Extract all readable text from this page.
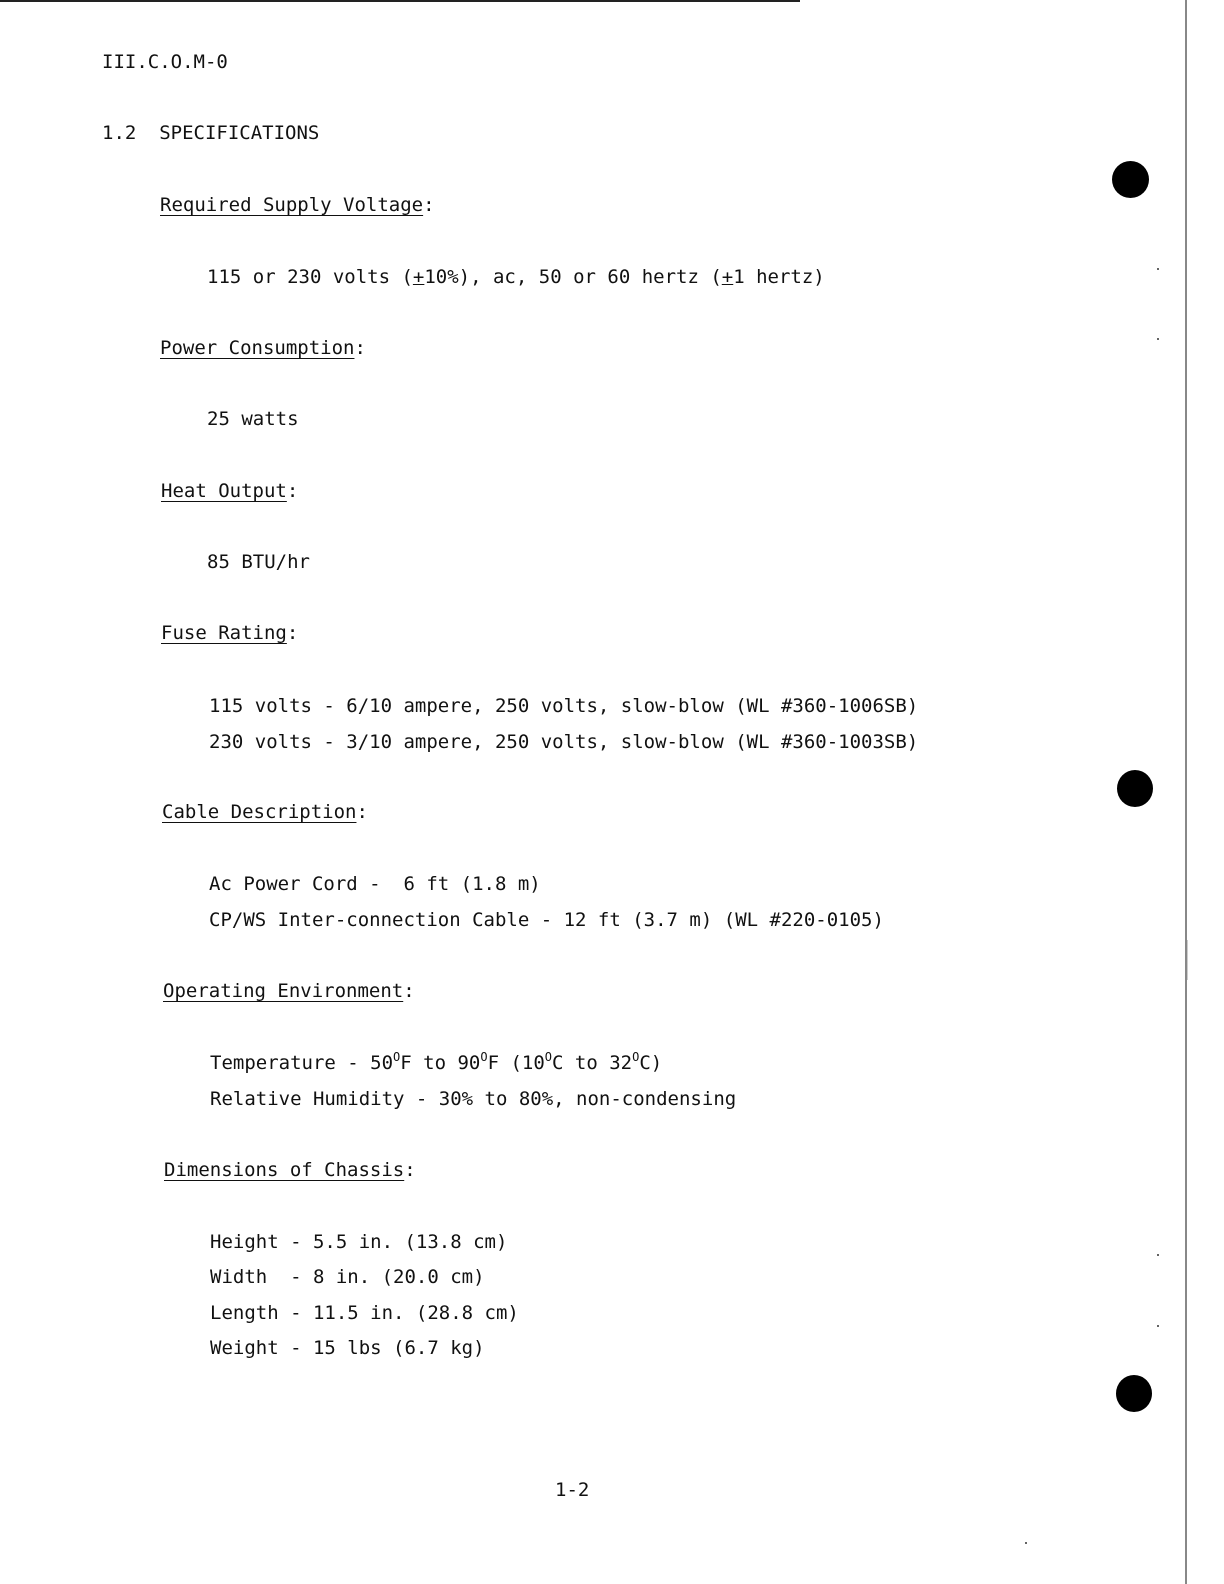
III.C.O.M-0
1.2 SPECIFICATIONS
Required Supply Voltage:
115 or 230 volts (+10%), ac, 50 or 60 hertz (+1 hertz)
Power Consumption:
25 watts
Heat Output:
85 BTU/hr
Fuse Rating:
115 volts - 6/10 ampere, 250 volts, slow-blow (WL #360-1006SB)
230 volts - 3/10 ampere, 250 volts, slow-blow (WL #360-1003SB)
Cable Description:
Ac Power Cord -  6 ft (1.8 m)
CP/WS Inter-connection Cable - 12 ft (3.7 m) (WL #220-0105)
Operating Environment:
Temperature - $50^OF$ to $90^OF$ ($10^OC$ to $32^OC$)
Relative Humidity - 30% to 80%, non-condensing
Dimensions of Chassis:
Height - 5.5 in. (13.8 cm)
Width  - 8 in. (20.0 cm)
Length - 11.5 in. (28.8 cm)
Weight - 15 lbs (6.7 kg)
1-2
